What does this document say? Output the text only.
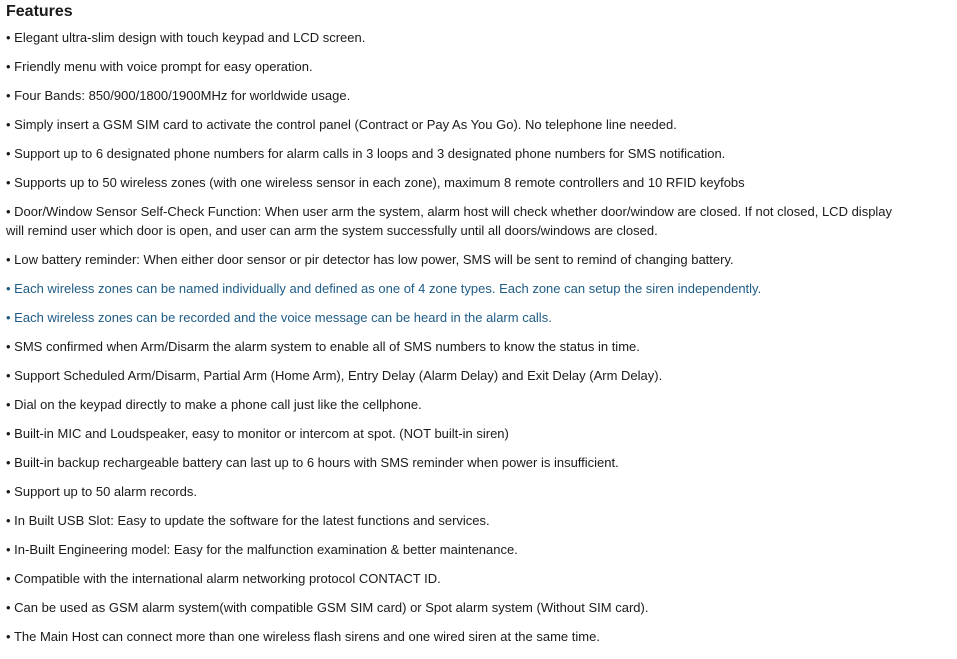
Features
• Elegant ultra-slim design with touch keypad and LCD screen.
• Friendly menu with voice prompt for easy operation.
• Four Bands: 850/900/1800/1900MHz for worldwide usage.
• Simply insert a GSM SIM card to activate the control panel (Contract or Pay As You Go). No telephone line needed.
• Support up to 6 designated phone numbers for alarm calls in 3 loops and 3 designated phone numbers for SMS notification.
• Supports up to 50 wireless zones (with one wireless sensor in each zone), maximum 8 remote controllers and 10 RFID keyfobs
• Door/Window Sensor Self-Check Function: When user arm the system, alarm host will check whether door/window are closed. If not closed, LCD display will remind user which door is open, and user can arm the system successfully until all doors/windows are closed.
• Low battery reminder: When either door sensor or pir detector has low power, SMS will be sent to remind of changing battery.
• Each wireless zones can be named individually and defined as one of 4 zone types. Each zone can setup the siren independently.
• Each wireless zones can be recorded and the voice message can be heard in the alarm calls.
• SMS confirmed when Arm/Disarm the alarm system to enable all of SMS numbers to know the status in time.
• Support Scheduled Arm/Disarm, Partial Arm (Home Arm), Entry Delay (Alarm Delay) and Exit Delay (Arm Delay).
• Dial on the keypad directly to make a phone call just like the cellphone.
• Built-in MIC and Loudspeaker, easy to monitor or intercom at spot. (NOT built-in siren)
• Built-in backup rechargeable battery can last up to 6 hours with SMS reminder when power is insufficient.
• Support up to 50 alarm records.
• In Built USB Slot: Easy to update the software for the latest functions and services.
• In-Built Engineering model: Easy for the malfunction examination & better maintenance.
• Compatible with the international alarm networking protocol CONTACT ID.
• Can be used as GSM alarm system(with compatible GSM SIM card) or Spot alarm system (Without SIM card).
• The Main Host can connect more than one wireless flash sirens and one wired siren at the same time.
